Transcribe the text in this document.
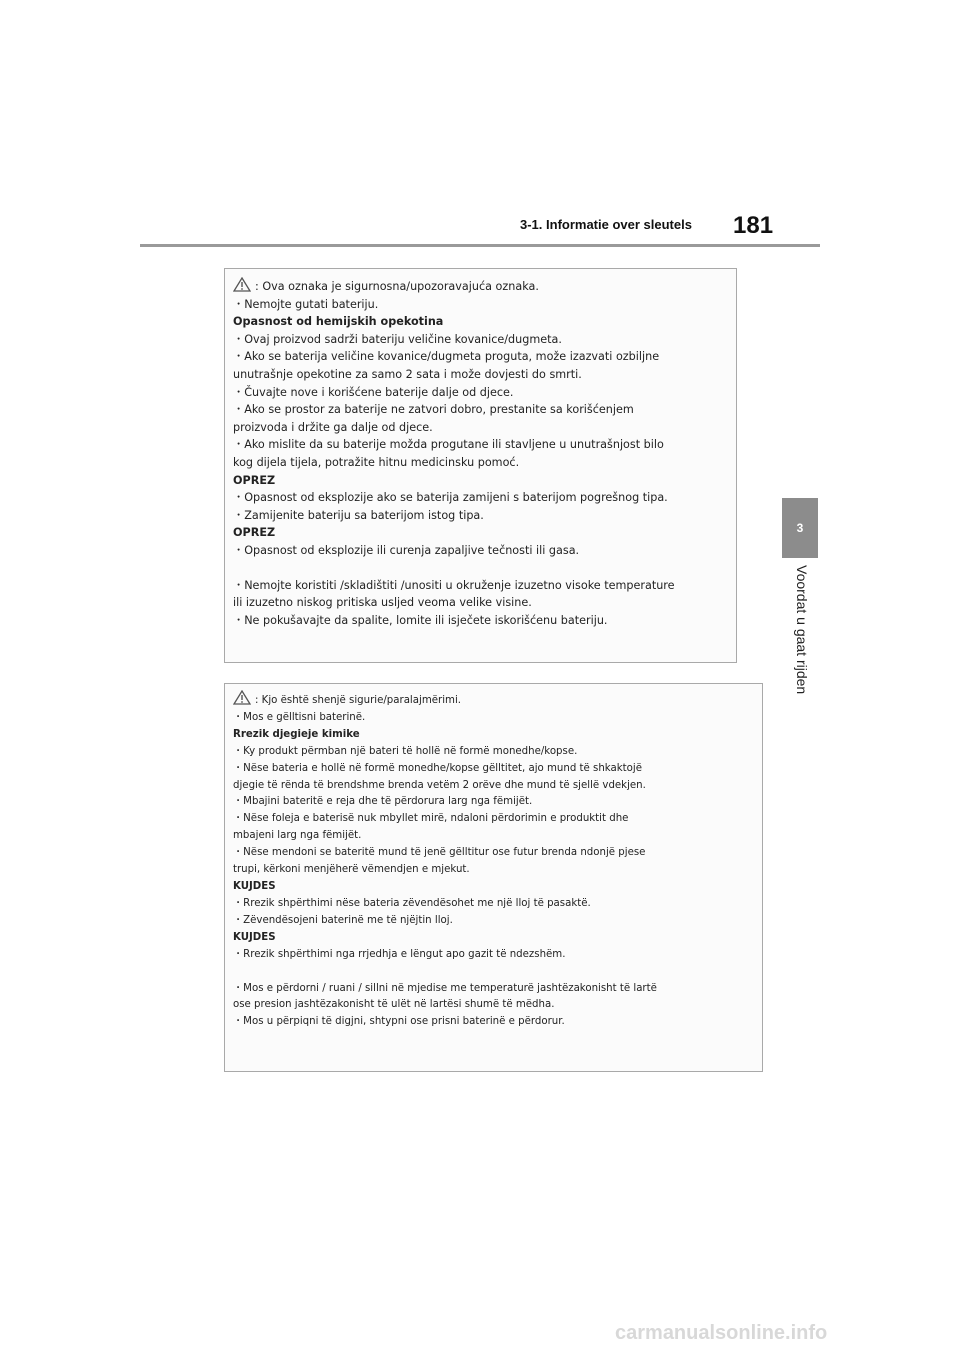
3-1. Informatie over sleutels 181
3
Voordat u gaat rijden
: Ova oznaka je sigurnosna/upozoravajuća oznaka.
・Nemojte gutati bateriju.
Opasnost od hemijskih opekotina
・Ovaj proizvod sadrži bateriju veličine kovanice/dugmeta.
・Ako se baterija veličine kovanice/dugmeta proguta, može izazvati ozbiljne
unutrašnje opekotine za samo 2 sata i može dovjesti do smrti.
・Čuvajte nove i korišćene baterije dalje od djece.
・Ako se prostor za baterije ne zatvori dobro, prestanite sa korišćenjem
proizvoda i držite ga dalje od djece.
・Ako mislite da su baterije možda progutane ili stavljene u unutrašnjost bilo
kog dijela tijela, potražite hitnu medicinsku pomoć.
OPREZ
・Opasnost od eksplozije ako se baterija zamijeni s baterijom pogrešnog tipa.
・Zamijenite bateriju sa baterijom istog tipa.
OPREZ
・Opasnost od eksplozije ili curenja zapaljive tečnosti ili gasa.
・Nemojte koristiti /skladištiti /unositi u okruženje izuzetno visoke temperature
ili izuzetno niskog pritiska usljed veoma velike visine.
・Ne pokušavajte da spalite, lomite ili isječete iskorišćenu bateriju.
: Kjo është shenjë sigurie/paralajmërimi.
・Mos e gëlltisni baterinë.
Rrezik djegieje kimike
・Ky produkt përmban një bateri të hollë në formë monedhe/kopse.
・Nëse bateria e hollë në formë monedhe/kopse gëlltitet, ajo mund të shkaktojë
djegie të rënda të brendshme brenda vetëm 2 orëve dhe mund të sjellë vdekjen.
・Mbajini bateritë e reja dhe të përdorura larg nga fëmijët.
・Nëse foleja e baterisë nuk mbyllet mirë, ndaloni përdorimin e produktit dhe
mbajeni larg nga fëmijët.
・Nëse mendoni se bateritë mund të jenë gëlltitur ose futur brenda ndonjë pjese
trupi, kërkoni menjëherë vëmendjen e mjekut.
KUJDES
・Rrezik shpërthimi nëse bateria zëvendësohet me një lloj të pasaktë.
・Zëvendësojeni baterinë me të njëjtin lloj.
KUJDES
・Rrezik shpërthimi nga rrjedhja e lëngut apo gazit të ndezshëm.
・Mos e përdorni / ruani / sillni në mjedise me temperaturë jashtëzakonisht të lartë
ose presion jashtëzakonisht të ulët në lartësi shumë të mëdha.
・Mos u përpiqni të digjni, shtypni ose prisni baterinë e përdorur.
carmanualsonline.info
